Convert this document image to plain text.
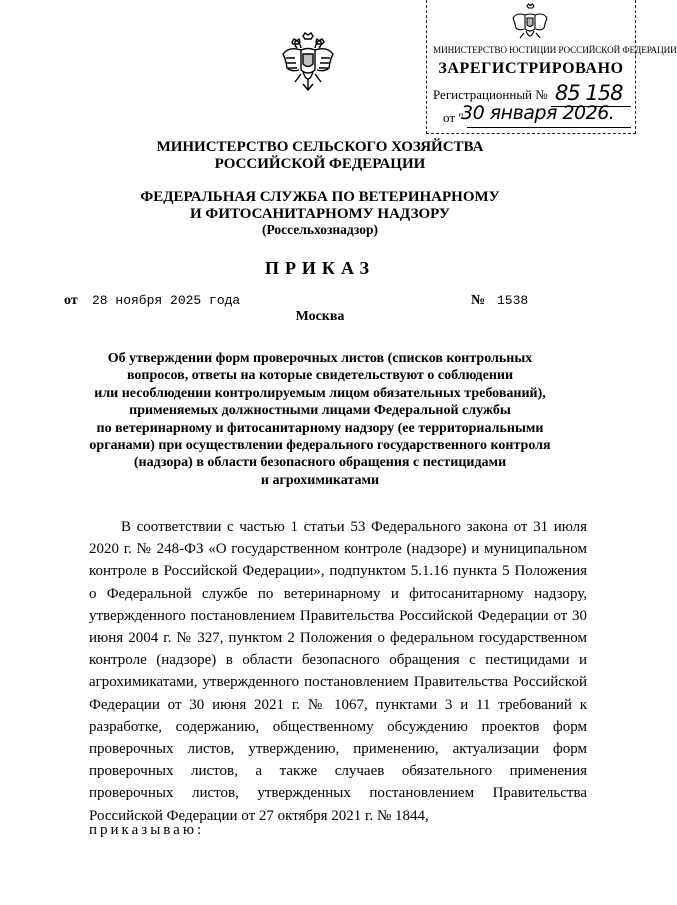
МИНИСТЕРСТВО ЮСТИЦИИ РОССИЙСКОЙ ФЕДЕРАЦИИ
ЗАРЕГИСТРИРОВАНО
Регистрационный № 85 158
от "
30 января 2026.
МИНИСТЕРСТВО СЕЛЬСКОГО ХОЗЯЙСТВА
РОССИЙСКОЙ ФЕДЕРАЦИИ
ФЕДЕРАЛЬНАЯ СЛУЖБА ПО ВЕТЕРИНАРНОМУ
И ФИТОСАНИТАРНОМУ НАДЗОРУ
(Россельхознадзор)
ПРИКАЗ
от 28 ноября 2025 года	№ 1538
Москва
Об утверждении форм проверочных листов (списков контрольных
вопросов, ответы на которые свидетельствуют о соблюдении
или несоблюдении контролируемым лицом обязательных требований),
применяемых должностными лицами Федеральной службы
по ветеринарному и фитосанитарному надзору (ее территориальными
органами) при осуществлении федерального государственного контроля
(надзора) в области безопасного обращения с пестицидами
и агрохимикатами
В соответствии с частью 1 статьи 53 Федерального закона от 31 июля 2020 г. № 248-ФЗ «О государственном контроле (надзоре) и муниципальном контроле в Российской Федерации», подпунктом 5.1.16 пункта 5 Положения о Федеральной службе по ветеринарному и фитосанитарному надзору, утвержденного постановлением Правительства Российской Федерации от 30 июня 2004 г. № 327, пунктом 2 Положения о федеральном государственном контроле (надзоре) в области безопасного обращения с пестицидами и агрохимикатами, утвержденного постановлением Правительства Российской Федерации от 30 июня 2021 г. № 1067, пунктами 3 и 11 требований к разработке, содержанию, общественному обсуждению проектов форм проверочных листов, утверждению, применению, актуализации форм проверочных листов, а также случаев обязательного применения проверочных листов, утвержденных постановлением Правительства Российской Федерации от 27 октября 2021 г. № 1844,
приказываю:
